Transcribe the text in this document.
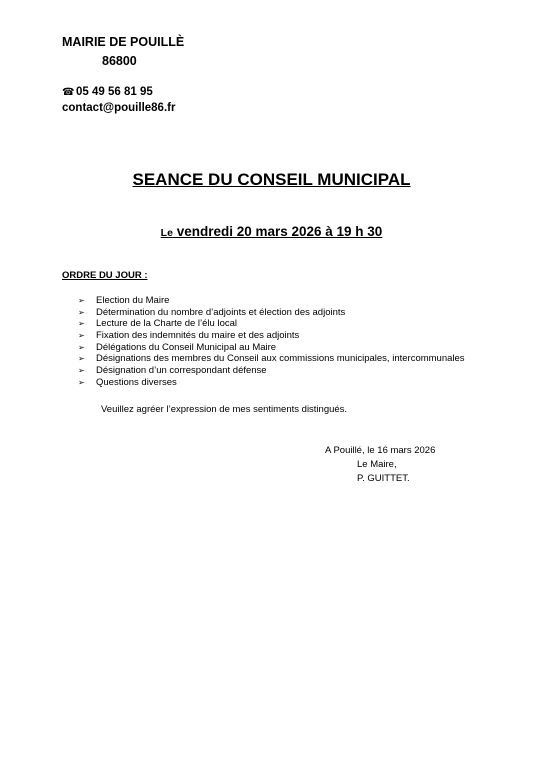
MAIRIE DE POUILLÈ
86800
☎ 05 49 56 81 95
contact@pouille86.fr
SEANCE DU CONSEIL MUNICIPAL
Le vendredi 20 mars 2026 à 19 h 30
ORDRE DU JOUR :
➢	Election du Maire
➢	Détermination du nombre d’adjoints et élection des adjoints
➢	Lecture de la Charte de l’élu local
➢	Fixation des indemnités du maire et des adjoints
➢	Délégations du Conseil Municipal au Maire
➢	Désignations des membres du Conseil aux commissions municipales, intercommunales
➢	Désignation d’un correspondant défense
➢	Questions diverses
Veuillez agréer l’expression de mes sentiments distingués.
A Pouillé, le 16 mars 2026
Le Maire,
P. GUITTET.
